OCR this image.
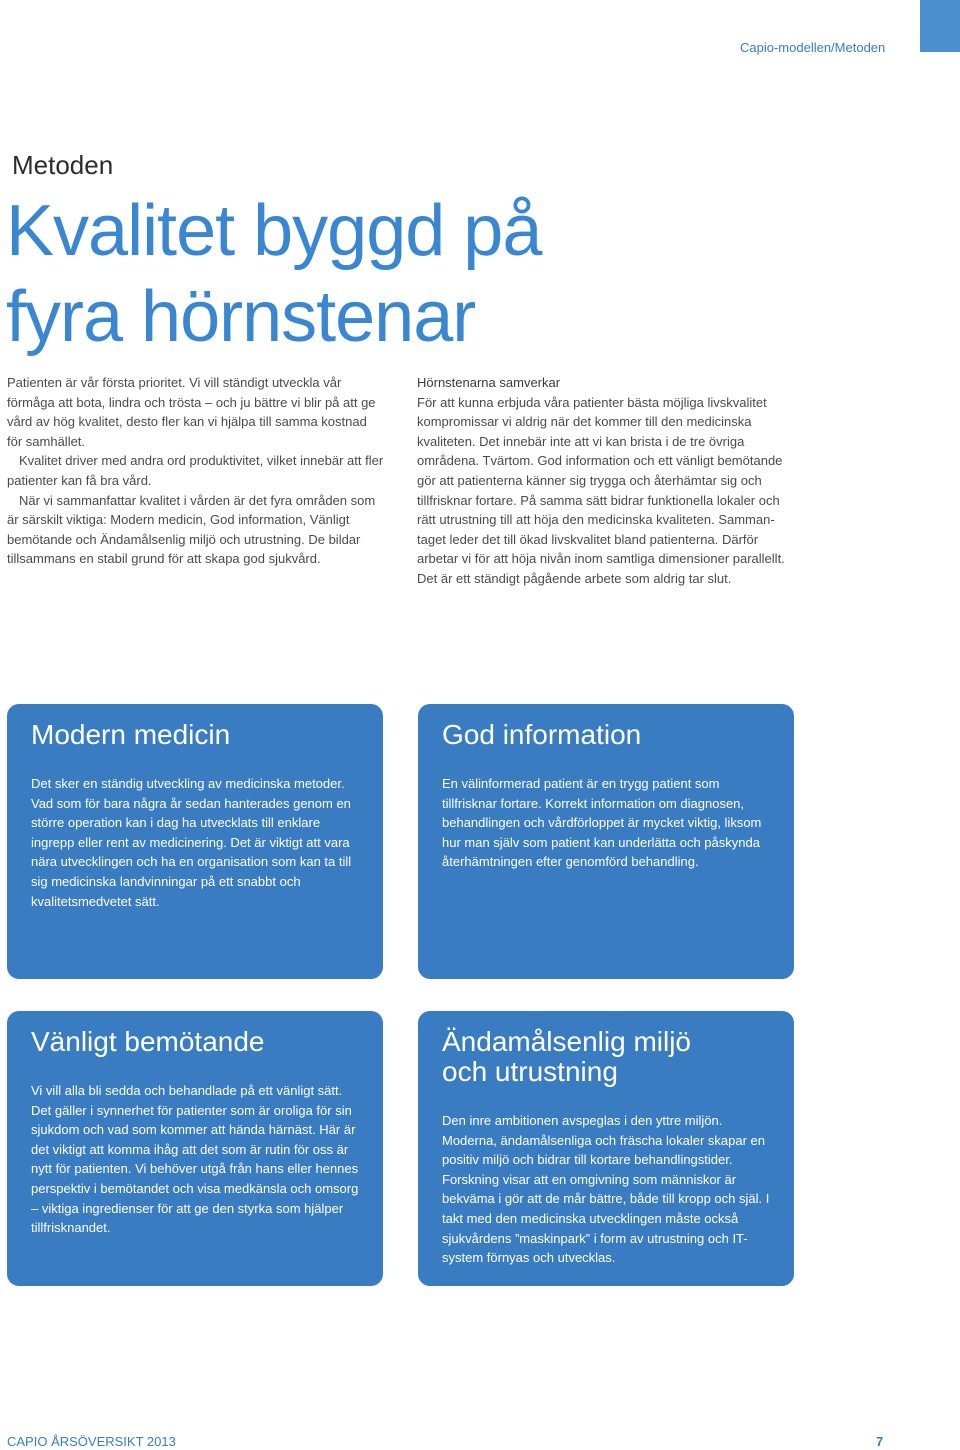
Capio-modellen/Metoden
Metoden
Kvalitet byggd på
fyra hörnstenar

Patienten är vår första prioritet. Vi vill ständigt utveckla vår förmåga att bota, lindra och trösta – och ju bättre vi blir på att ge vård av hög kvalitet, desto fler kan vi hjälpa till samma kostnad för samhället.

Kvalitet driver med andra ord produktivitet, vilket innebär att fler patienter kan få bra vård.

När vi sammanfattar kvalitet i vården är det fyra områden som är särskilt viktiga: Modern medicin, God information, Vänligt bemötande och Ändamålsenlig miljö och utrustning. De bildar tillsammans en stabil grund för att skapa god sjukvård.

Hörnstenarna samverkar

För att kunna erbjuda våra patienter bästa möjliga livskvalitet kompromissar vi aldrig när det kommer till den medicinska kvaliteten. Det innebär inte att vi kan brista i de tre övriga områdena. Tvärtom. God information och ett vänligt bemötande gör att patienterna känner sig trygga och återhämtar sig och tillfrisknar fortare. På samma sätt bidrar funktionella lokaler och rätt utrustning till att höja den medicinska kvaliteten. Sammantaget leder det till ökad livskvalitet bland patienterna. Därför arbetar vi för att höja nivån inom samtliga dimensioner parallellt. Det är ett ständigt pågående arbete som aldrig tar slut.

Modern medicin
Det sker en ständig utveckling av medicinska metoder. Vad som för bara några år sedan hanterades genom en större operation kan i dag ha utvecklats till enklare ingrepp eller rent av medicinering. Det är viktigt att vara nära utvecklingen och ha en organisation som kan ta till sig medicinska landvinningar på ett snabbt och kvalitetsmedvetet sätt.
God information
En välinformerad patient är en trygg patient som tillfrisknar fortare. Korrekt information om diagnosen, behandlingen och vårdförloppet är mycket viktig, liksom hur man själv som patient kan underlätta och påskynda återhämtningen efter genomförd behandling.
Vänligt bemötande
Vi vill alla bli sedda och behandlade på ett vänligt sätt. Det gäller i synnerhet för patienter som är oroliga för sin sjukdom och vad som kommer att hända härnäst. Här är det viktigt att komma ihåg att det som är rutin för oss är nytt för patienten. Vi behöver utgå från hans eller hennes perspektiv i bemötandet och visa medkänsla och omsorg – viktiga ingredienser för att ge den styrka som hjälper tillfrisknandet.
Ändamålsenlig miljö och utrustning
Den inre ambitionen avspeglas i den yttre miljön. Moderna, ändamålsenliga och fräscha lokaler skapar en positiv miljö och bidrar till kortare behandlingstider. Forskning visar att en omgivning som människor är bekväma i gör att de mår bättre, både till kropp och själ. I takt med den medicinska utvecklingen måste också sjukvårdens ”maskinpark” i form av utrustning och IT-system förnyas och utvecklas.
CAPIO ÅRSÖVERSIKT 2013	7
